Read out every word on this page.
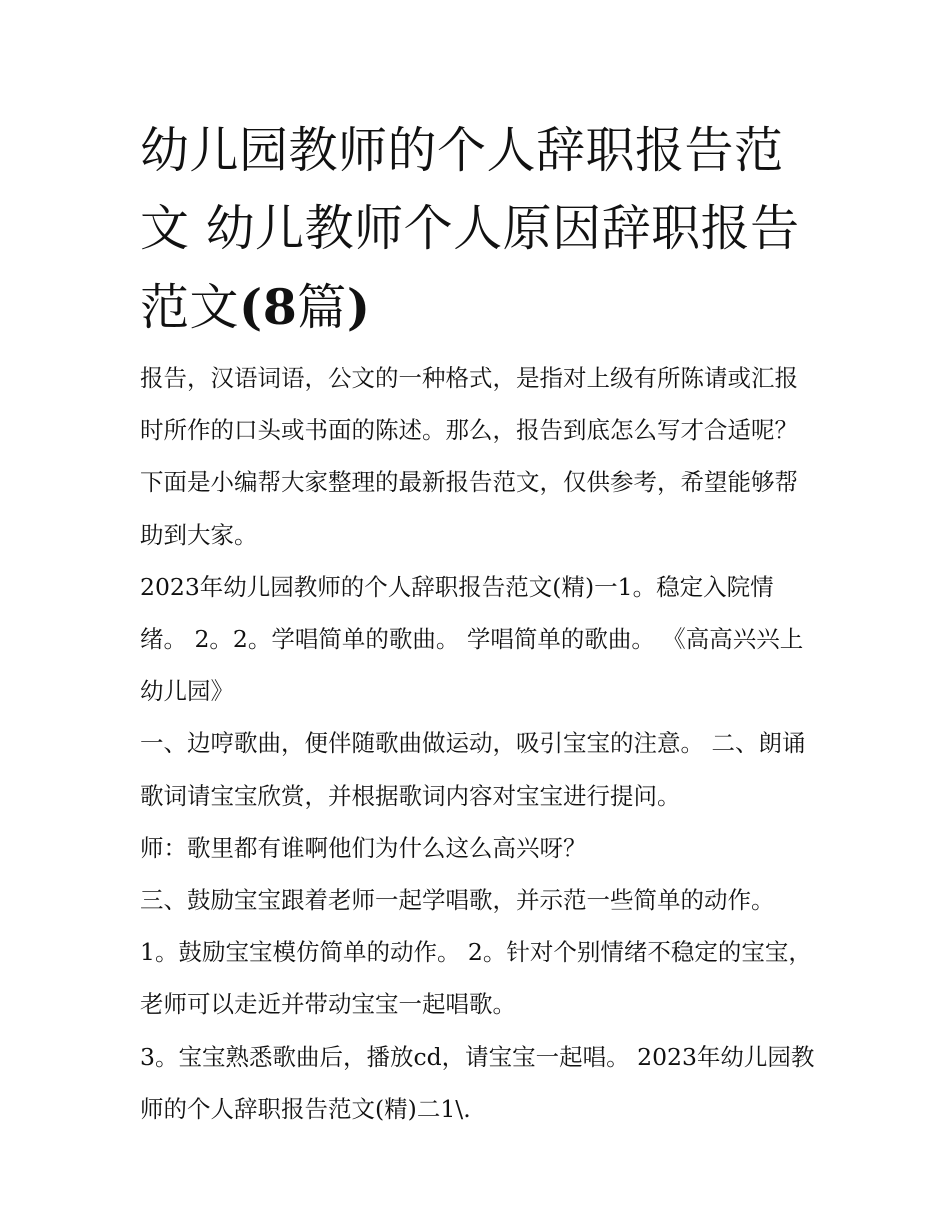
幼儿园教师的个人辞职报告范文 幼儿教师个人原因辞职报告范文(8篇)

报告，汉语词语，公文的一种格式，是指对上级有所陈请或汇报时所作的口头或书面的陈述。那么，报告到底怎么写才合适呢？下面是小编帮大家整理的最新报告范文，仅供参考，希望能够帮助到大家。

2023年幼儿园教师的个人辞职报告范文(精)一1。稳定入院情绪。 2。2。学唱简单的歌曲。 学唱简单的歌曲。 《高高兴兴上幼儿园》

一、边哼歌曲，便伴随歌曲做运动，吸引宝宝的注意。 二、朗诵歌词请宝宝欣赏，并根据歌词内容对宝宝进行提问。

师：歌里都有谁啊他们为什么这么高兴呀？

三、鼓励宝宝跟着老师一起学唱歌，并示范一些简单的动作。

1。鼓励宝宝模仿简单的动作。 2。针对个别情绪不稳定的宝宝，老师可以走近并带动宝宝一起唱歌。

3。宝宝熟悉歌曲后，播放cd，请宝宝一起唱。 2023年幼儿园教师的个人辞职报告范文(精)二1\.
